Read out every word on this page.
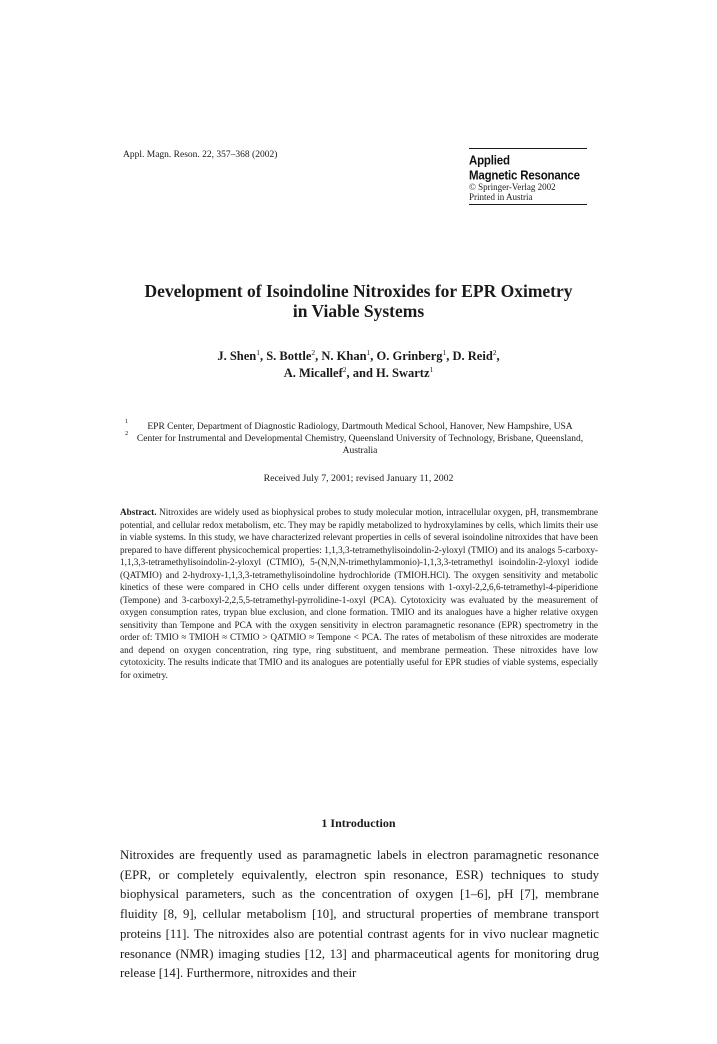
Appl. Magn. Reson. 22, 357–368 (2002)	Applied
Magnetic Resonance
© Springer-Verlag 2002
Printed in Austria
Development of Isoindoline Nitroxides for EPR Oximetry
in Viable Systems
J. Shen$^1$, S. Bottle$^2$, N. Khan$^1$, O. Grinberg$^1$, D. Reid$^2$,
A. Micallef$^2$, and H. Swartz$^1$
1
EPR Center, Department of Diagnostic Radiology, Dartmouth Medical School, Hanover, New Hampshire, USA
2
Center for Instrumental and Developmental Chemistry, Queensland University of Technology, Brisbane, Queensland, Australia
Received July 7, 2001; revised January 11, 2002
Abstract. Nitroxides are widely used as biophysical probes to study molecular motion, intracellular oxygen, pH, transmembrane potential, and cellular redox metabolism, etc. They may be rapidly metabolized to hydroxylamines by cells, which limits their use in viable systems. In this study, we have characterized relevant properties in cells of several isoindoline nitroxides that have been prepared to have different physicochemical properties: 1,1,3,3-tetramethylisoindolin-2-yloxyl (TMIO) and its analogs 5-carboxy-1,1,3,3-tetramethylisoindolin-2-yloxyl (CTMIO), 5-(N,N,N-trimethylammonio)-1,1,3,3-tetramethyl isoindolin-2-yloxyl iodide (QATMIO) and 2-hydroxy-1,1,3,3-tetramethylisoindoline hydrochloride (TMIOH.HCl). The oxygen sensitivity and metabolic kinetics of these were compared in CHO cells under different oxygen tensions with 1-oxyl-2,2,6,6-tetramethyl-4-piperidione (Tempone) and 3-carboxyl-2,2,5,5-tetramethyl-pyrrolidine-1-oxyl (PCA). Cytotoxicity was evaluated by the measurement of oxygen consumption rates, trypan blue exclusion, and clone formation. TMIO and its analogues have a higher relative oxygen sensitivity than Tempone and PCA with the oxygen sensitivity in electron paramagnetic resonance (EPR) spectrometry in the order of: TMIO ≈ TMIOH ≈ CTMIO > QATMIO ≈ Tempone < PCA. The rates of metabolism of these nitroxides are moderate and depend on oxygen concentration, ring type, ring substituent, and membrane permeation. These nitroxides have low cytotoxicity. The results indicate that TMIO and its analogues are potentially useful for EPR studies of viable systems, especially for oximetry.
1 Introduction
Nitroxides are frequently used as paramagnetic labels in electron paramagnetic resonance (EPR, or completely equivalently, electron spin resonance, ESR) techniques to study biophysical parameters, such as the concentration of oxygen [1–6], pH [7], membrane fluidity [8, 9], cellular metabolism [10], and structural properties of membrane transport proteins [11]. The nitroxides also are potential contrast agents for in vivo nuclear magnetic resonance (NMR) imaging studies [12, 13] and pharmaceutical agents for monitoring drug release [14]. Furthermore, nitroxides and their
